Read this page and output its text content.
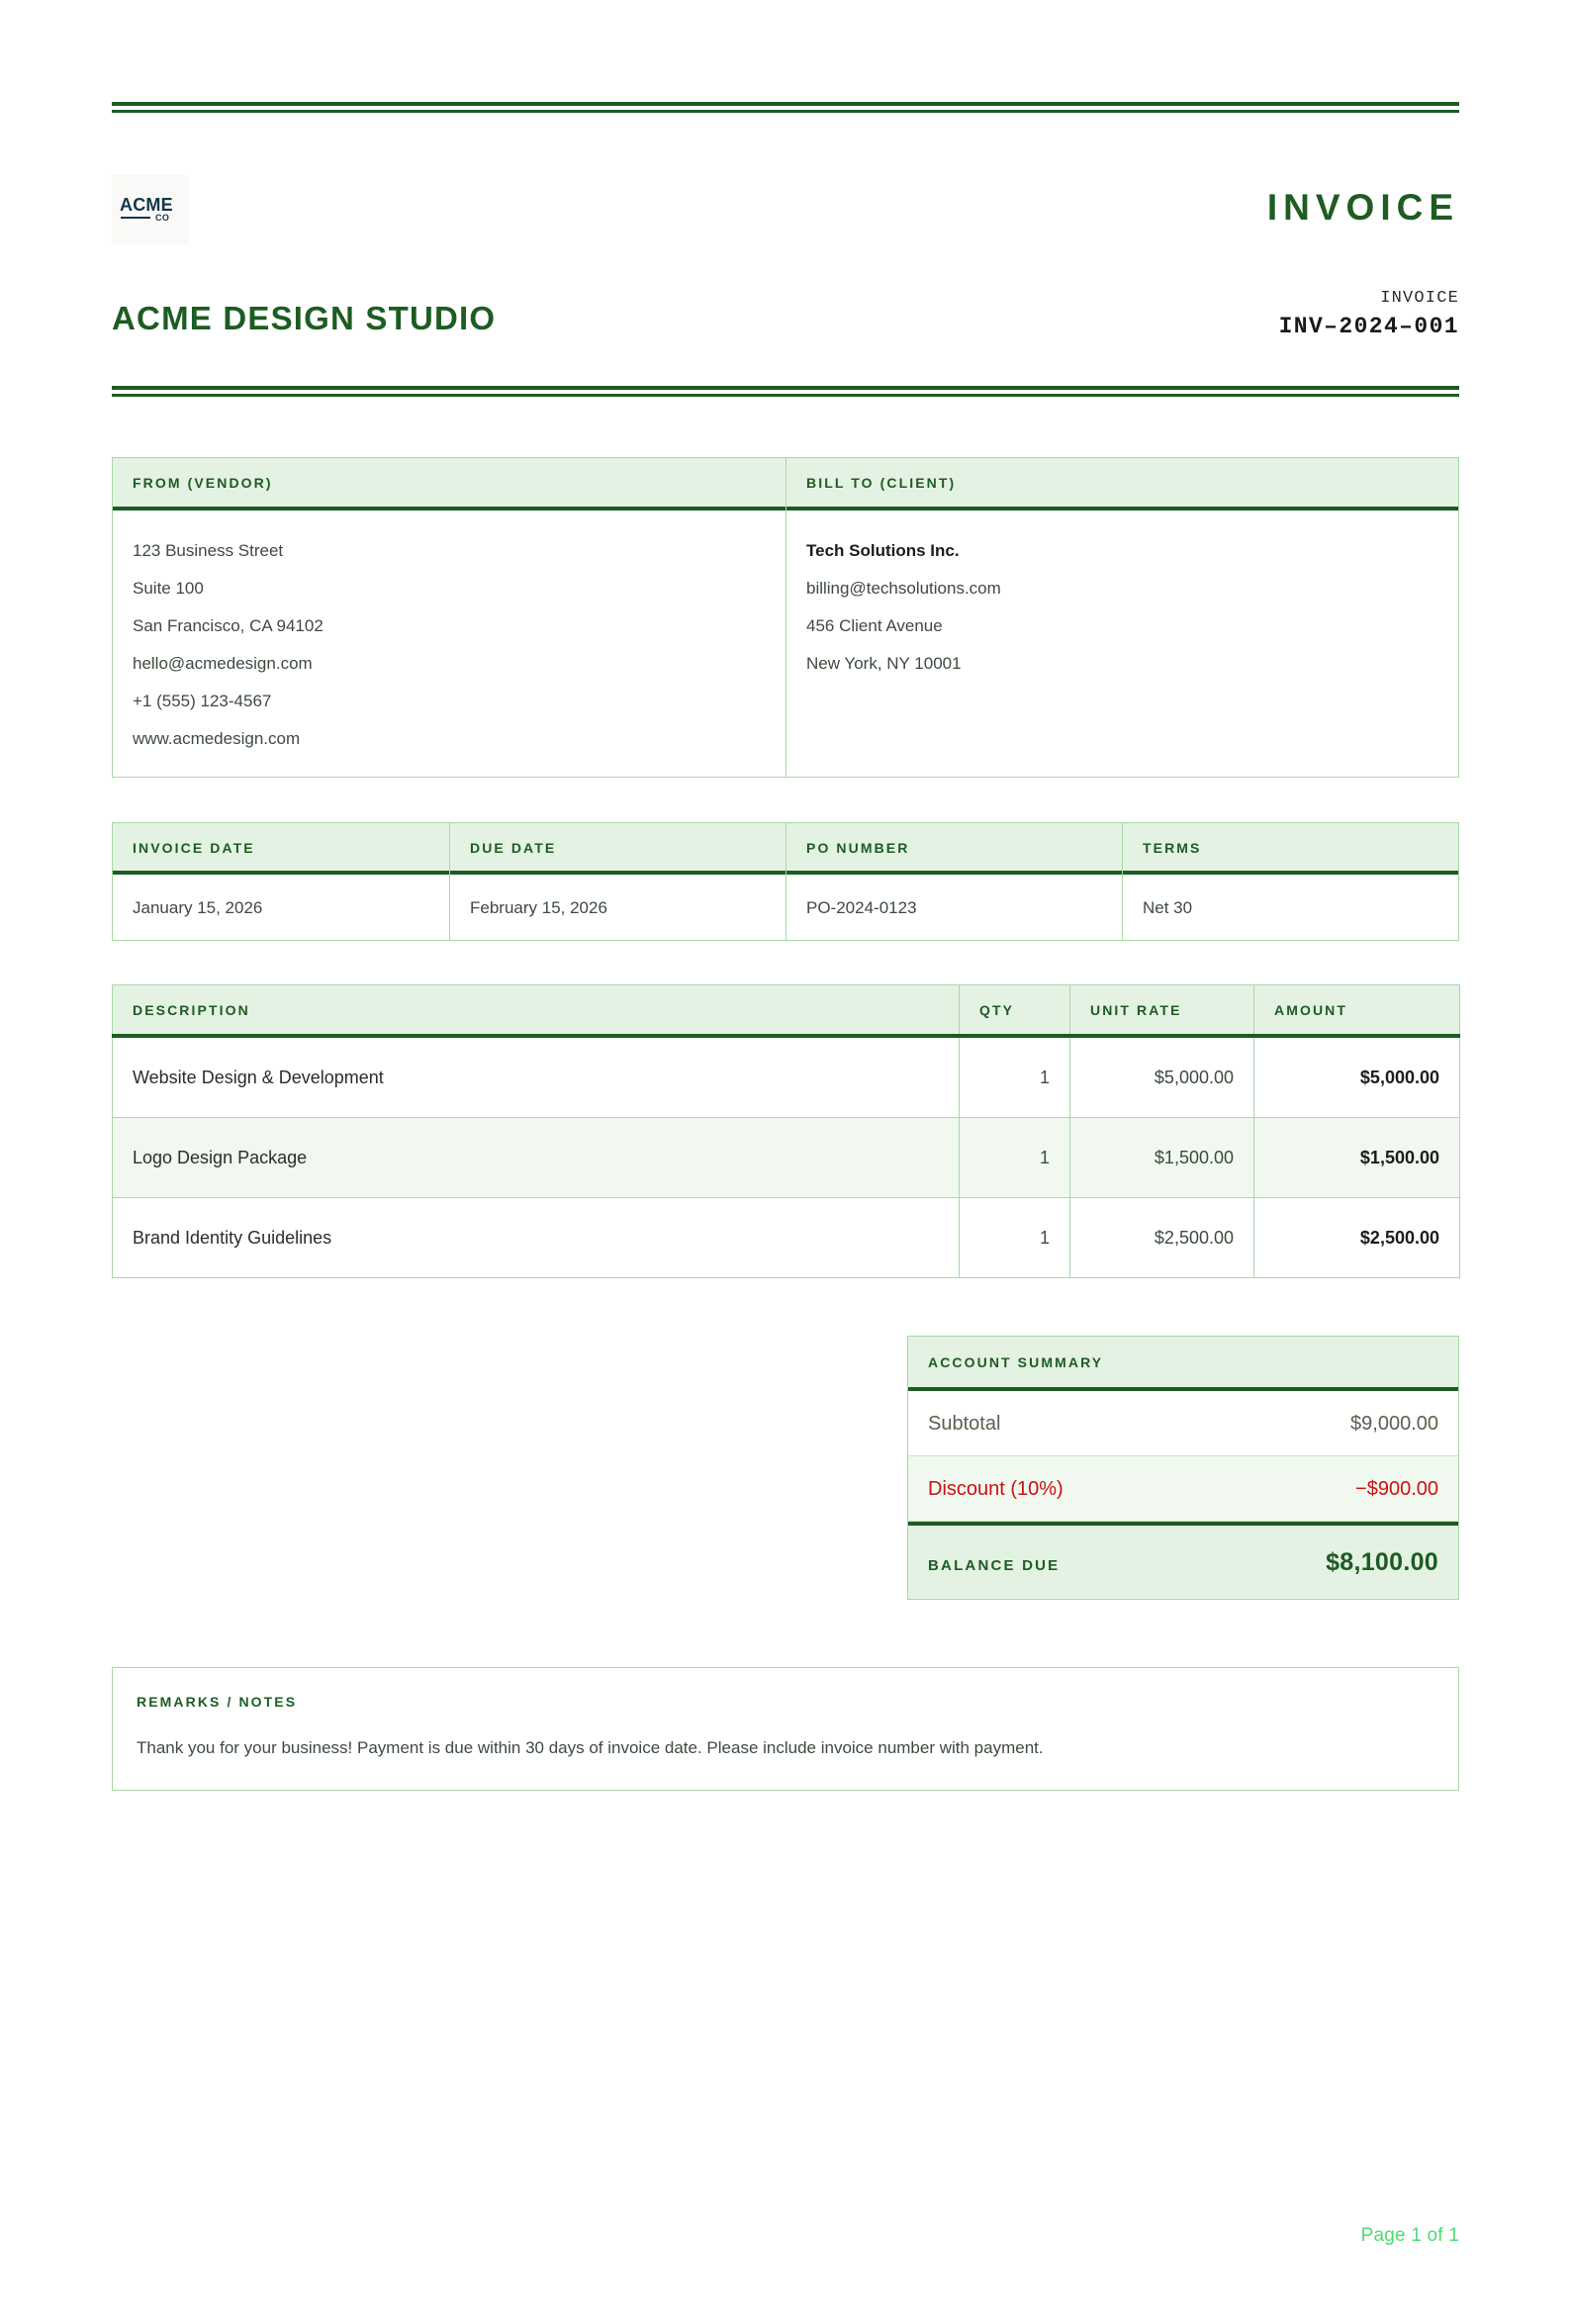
ACME
CO
ACME DESIGN STUDIO
INVOICE
INVOICE
INV–2024–001
FROM (VENDOR)
123 Business Street
Suite 100
San Francisco, CA 94102
hello@acmedesign.com
+1 (555) 123-4567
www.acmedesign.com
BILL TO (CLIENT)
Tech Solutions Inc.
billing@techsolutions.com
456 Client Avenue
New York, NY 10001
INVOICE DATE
January 15, 2026
DUE DATE
February 15, 2026
PO NUMBER
PO-2024-0123
TERMS
Net 30
DESCRIPTION	QTY	UNIT RATE	AMOUNT
Website Design & Development	1	$5,000.00	$5,000.00
Logo Design Package	1	$1,500.00	$1,500.00
Brand Identity Guidelines	1	$2,500.00	$2,500.00
ACCOUNT SUMMARY
Subtotal	$9,000.00
Discount (10%)	−$900.00
BALANCE DUE	$8,100.00
REMARKS / NOTES
Thank you for your business! Payment is due within 30 days of invoice date. Please include invoice number with payment.
Page 1 of 1
